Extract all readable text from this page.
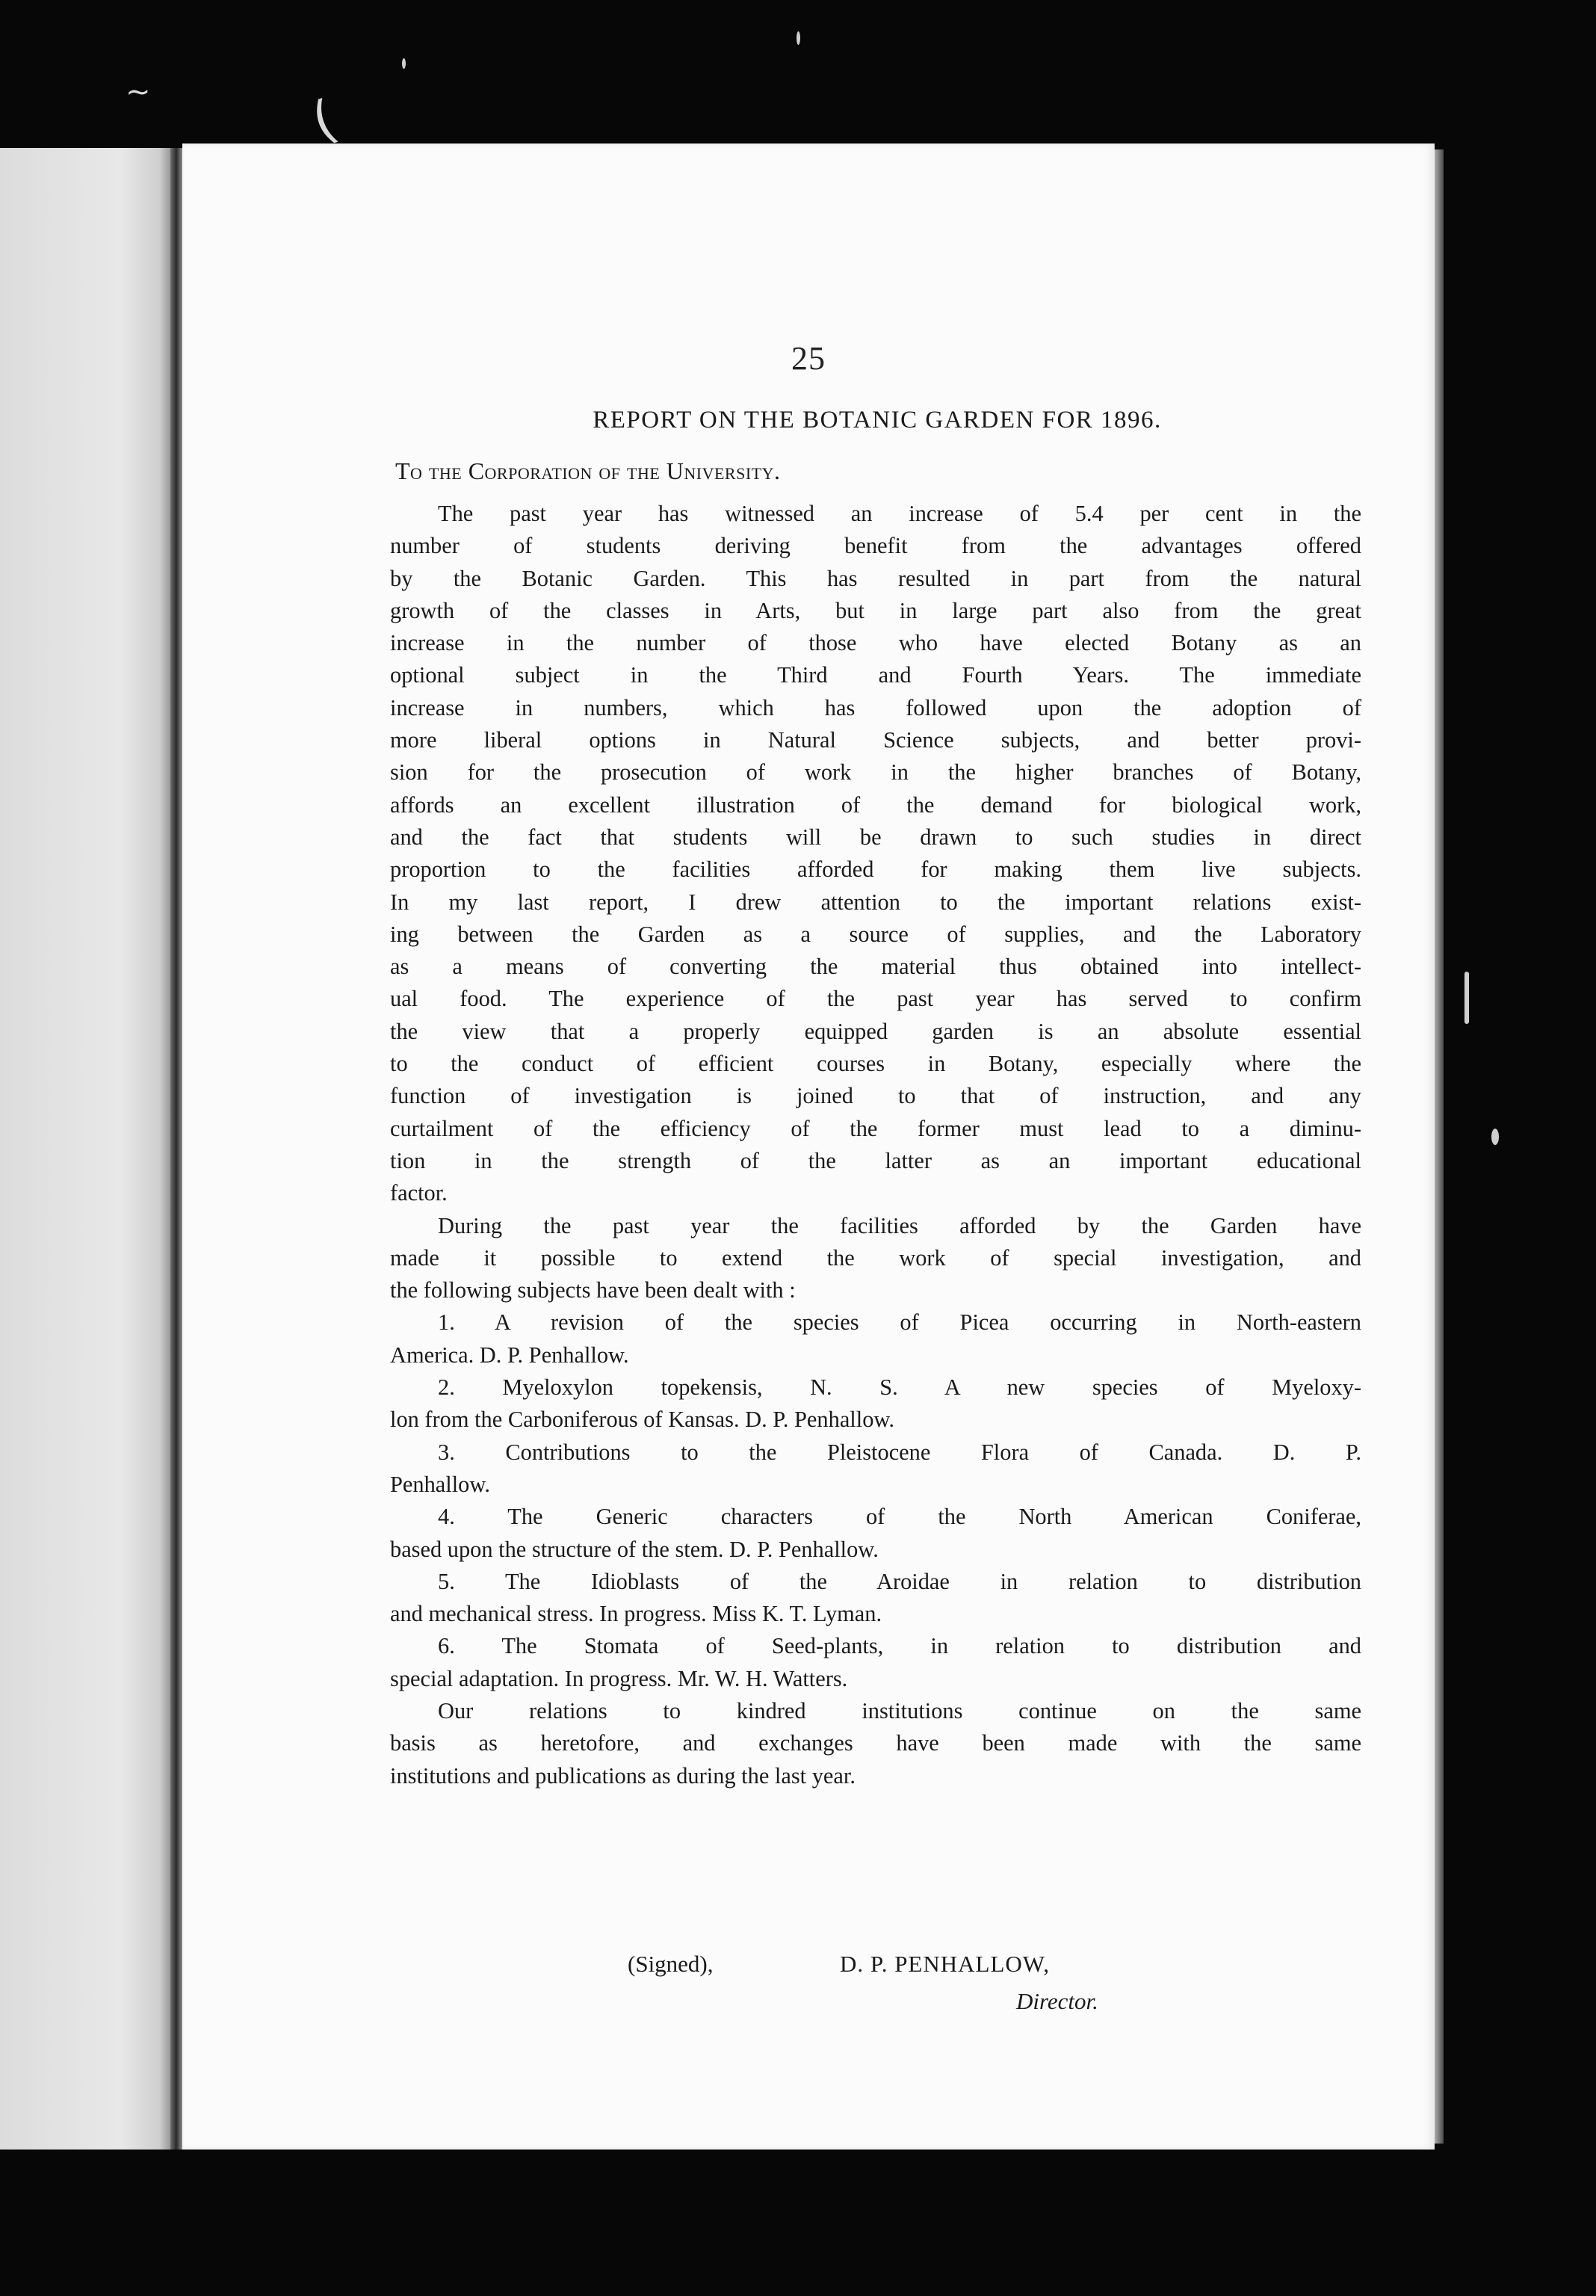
25
REPORT ON THE BOTANIC GARDEN FOR 1896.
To the Corporation of the University.
The past year has witnessed an increase of 5.4 per cent in the
number of students deriving benefit from the advantages offered
by the Botanic Garden. This has resulted in part from the natural
growth of the classes in Arts, but in large part also from the great
increase in the number of those who have elected Botany as an
optional subject in the Third and Fourth Years. The immediate
increase in numbers, which has followed upon the adoption of
more liberal options in Natural Science subjects, and better provi-
sion for the prosecution of work in the higher branches of Botany,
affords an excellent illustration of the demand for biological work,
and the fact that students will be drawn to such studies in direct
proportion to the facilities afforded for making them live subjects.
In my last report, I drew attention to the important relations exist-
ing between the Garden as a source of supplies, and the Laboratory
as a means of converting the material thus obtained into intellect-
ual food. The experience of the past year has served to confirm
the view that a properly equipped garden is an absolute essential
to the conduct of efficient courses in Botany, especially where the
function of investigation is joined to that of instruction, and any
curtailment of the efficiency of the former must lead to a diminu-
tion in the strength of the latter as an important educational
factor.
During the past year the facilities afforded by the Garden have
made it possible to extend the work of special investigation, and
the following subjects have been dealt with :
1. A revision of the species of Picea occurring in North-eastern
America. D. P. Penhallow.
2. Myeloxylon topekensis, N. S. A new species of Myeloxy-
lon from the Carboniferous of Kansas. D. P. Penhallow.
3. Contributions to the Pleistocene Flora of Canada. D. P.
Penhallow.
4. The Generic characters of the North American Coniferae,
based upon the structure of the stem. D. P. Penhallow.
5. The Idioblasts of the Aroidae in relation to distribution
and mechanical stress. In progress. Miss K. T. Lyman.
6. The Stomata of Seed-plants, in relation to distribution and
special adaptation. In progress. Mr. W. H. Watters.
Our relations to kindred institutions continue on the same
basis as heretofore, and exchanges have been made with the same
institutions and publications as during the last year.
(Signed),	D. P. PENHALLOW,
Director.
~	(
